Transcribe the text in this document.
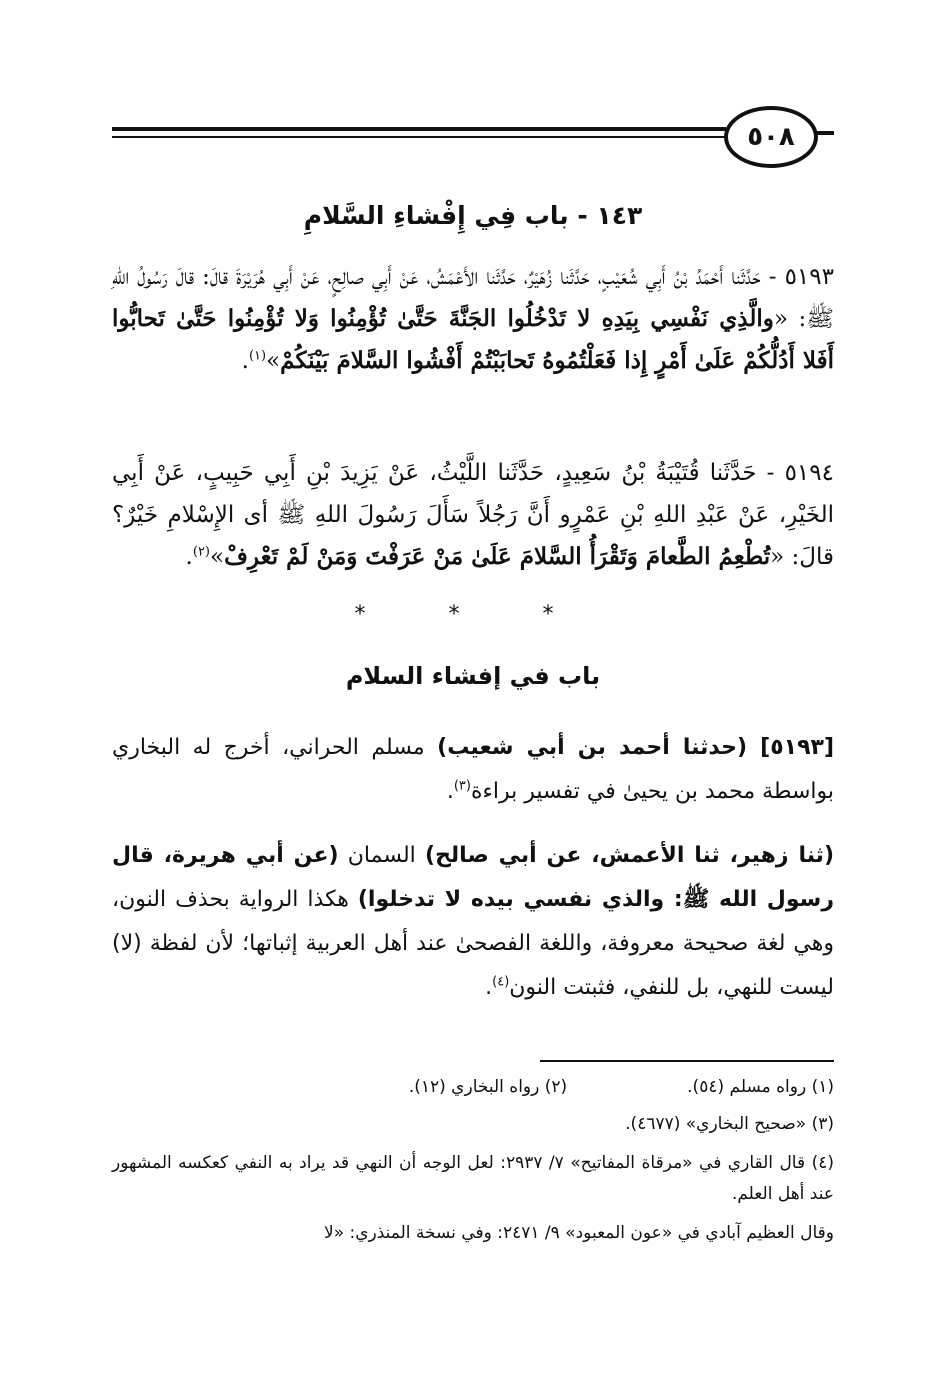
٥٠٨
١٤٣ - باب فِي إِفْشاءِ السَّلامِ

٥١٩٣ - حَدَّثَنا أَحْمَدُ بْنُ أَبِي شُعَيْبٍ، حَدَّثَنا زُهَيْرٌ، حَدَّثَنا الأَعْمَشُ، عَنْ أَبِي صالِحٍ، عَنْ أَبِي هُرَيْرَةَ قالَ: قالَ رَسُولُ اللهِ ﷺ: «والَّذِي نَفْسِي بِيَدِهِ لا تَدْخُلُوا الجَنَّةَ حَتَّىٰ تُؤْمِنُوا وَلا تُؤْمِنُوا حَتَّىٰ تَحابُّوا أَفَلا أَدُلُّكُمْ عَلَىٰ أَمْرٍ إِذا فَعَلْتُمُوهُ تَحابَبْتُمْ أَفْشُوا السَّلامَ بَيْنَكُمْ»$^{(١)}$.

٥١٩٤ - حَدَّثَنا قُتَيْبَةُ بْنُ سَعِيدٍ، حَدَّثَنا اللَّيْثُ، عَنْ يَزِيدَ بْنِ أَبِي حَبِيبٍ، عَنْ أَبِي الخَيْرِ، عَنْ عَبْدِ اللهِ بْنِ عَمْرٍو أَنَّ رَجُلاً سَأَلَ رَسُولَ اللهِ ﷺ أى الإِسْلامِ خَيْرٌ؟ قالَ: «تُطْعِمُ الطَّعامَ وَتَقْرَأُ السَّلامَ عَلَىٰ مَنْ عَرَفْتَ وَمَنْ لَمْ تَعْرِفْ»$^{(٢)}$.

* * *
باب في إفشاء السلام

[٥١٩٣] (حدثنا أحمد بن أبي شعيب) مسلم الحراني، أخرج له البخاري بواسطة محمد بن يحيىٰ في تفسير براءة$^{(٣)}$.

(ثنا زهير، ثنا الأعمش، عن أبي صالح) السمان (عن أبي هريرة، قال رسول الله ﷺ: والذي نفسي بيده لا تدخلوا) هكذا الرواية بحذف النون، وهي لغة صحيحة معروفة، واللغة الفصحىٰ عند أهل العربية إثباتها؛ لأن لفظة (لا) ليست للنهي، بل للنفي، فثبتت النون$^{(٤)}$.

(١) رواه مسلم (٥٤).
(٢) رواه البخاري (١٢).

(٣) «صحيح البخاري» (٤٦٧٧).

(٤) قال القاري في «مرقاة المفاتيح» ٧/ ٢٩٣٧: لعل الوجه أن النهي قد يراد به النفي كعكسه المشهور عند أهل العلم.

وقال العظيم آبادي في «عون المعبود» ٩/ ٢٤٧١: وفي نسخة المنذري: «لا
